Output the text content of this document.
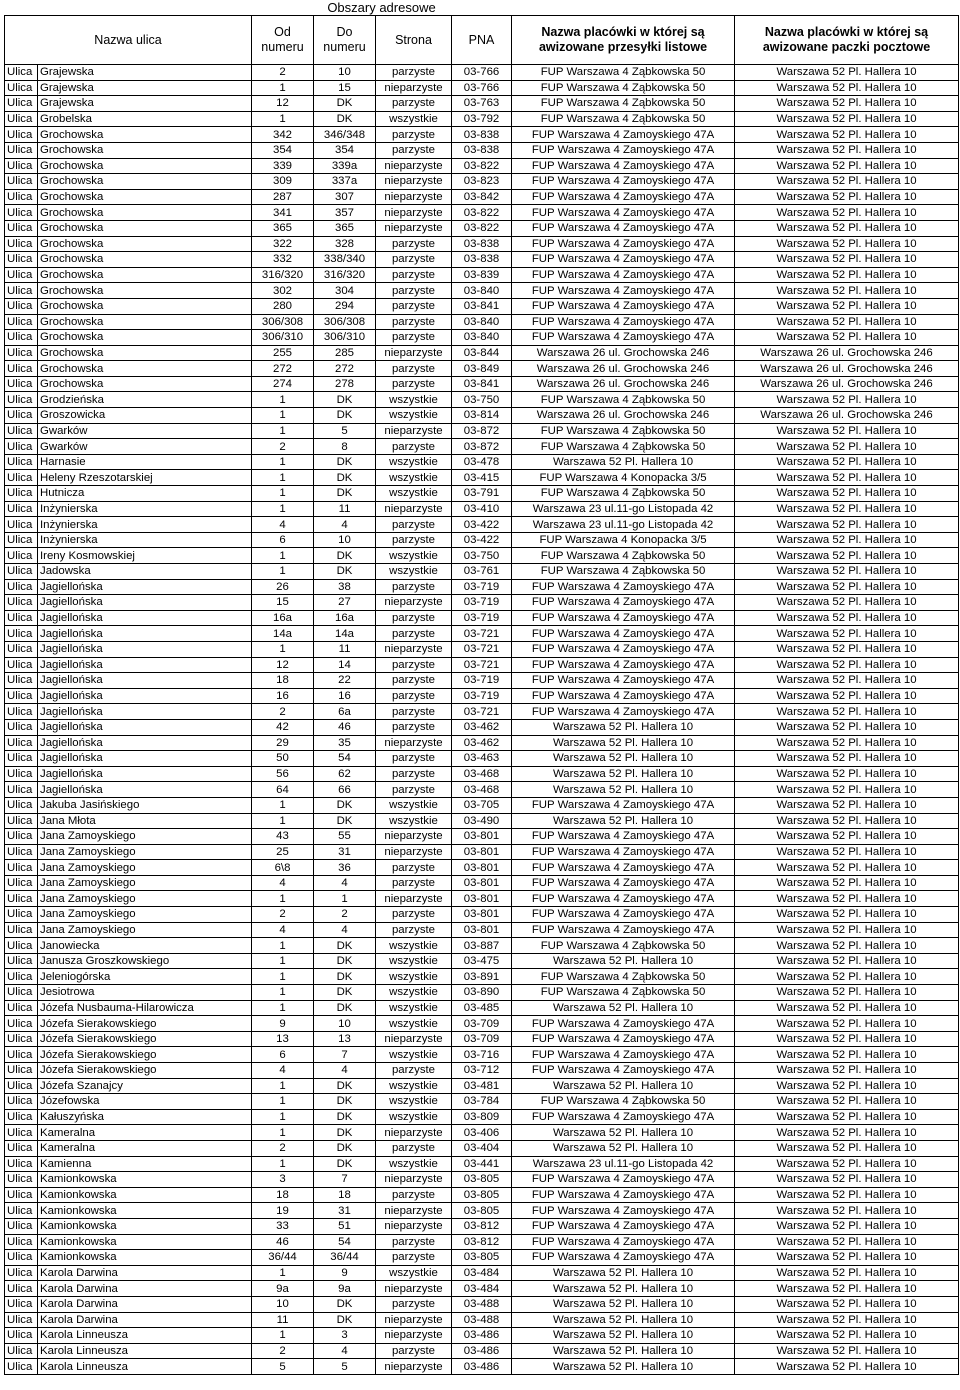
		Obszary adresowe					
Nazwa ulica		Od numeru	Do numeru	Strona	PNA	Nazwa placówki w której są awizowane przesyłki listowe	Nazwa placówki w której są awizowane paczki pocztowe
Ulica	Grajewska	2	10	parzyste	03-766	FUP Warszawa 4 Ząbkowska 50	Warszawa 52 Pl. Hallera 10
Ulica	Grajewska	1	15	nieparzyste	03-766	FUP Warszawa 4 Ząbkowska 50	Warszawa 52 Pl. Hallera 10
Ulica	Grajewska	12	DK	parzyste	03-763	FUP Warszawa 4 Ząbkowska 50	Warszawa 52 Pl. Hallera 10
Ulica	Grobelska	1	DK	wszystkie	03-792	FUP Warszawa 4 Ząbkowska 50	Warszawa 52 Pl. Hallera 10
Ulica	Grochowska	342	346/348	parzyste	03-838	FUP Warszawa 4 Zamoyskiego 47A	Warszawa 52 Pl. Hallera 10
Ulica	Grochowska	354	354	parzyste	03-838	FUP Warszawa 4 Zamoyskiego 47A	Warszawa 52 Pl. Hallera 10
Ulica	Grochowska	339	339a	nieparzyste	03-822	FUP Warszawa 4 Zamoyskiego 47A	Warszawa 52 Pl. Hallera 10
Ulica	Grochowska	309	337a	nieparzyste	03-823	FUP Warszawa 4 Zamoyskiego 47A	Warszawa 52 Pl. Hallera 10
Ulica	Grochowska	287	307	nieparzyste	03-842	FUP Warszawa 4 Zamoyskiego 47A	Warszawa 52 Pl. Hallera 10
Ulica	Grochowska	341	357	nieparzyste	03-822	FUP Warszawa 4 Zamoyskiego 47A	Warszawa 52 Pl. Hallera 10
Ulica	Grochowska	365	365	nieparzyste	03-822	FUP Warszawa 4 Zamoyskiego 47A	Warszawa 52 Pl. Hallera 10
Ulica	Grochowska	322	328	parzyste	03-838	FUP Warszawa 4 Zamoyskiego 47A	Warszawa 52 Pl. Hallera 10
Ulica	Grochowska	332	338/340	parzyste	03-838	FUP Warszawa 4 Zamoyskiego 47A	Warszawa 52 Pl. Hallera 10
Ulica	Grochowska	316/320	316/320	parzyste	03-839	FUP Warszawa 4 Zamoyskiego 47A	Warszawa 52 Pl. Hallera 10
Ulica	Grochowska	302	304	parzyste	03-840	FUP Warszawa 4 Zamoyskiego 47A	Warszawa 52 Pl. Hallera 10
Ulica	Grochowska	280	294	parzyste	03-841	FUP Warszawa 4 Zamoyskiego 47A	Warszawa 52 Pl. Hallera 10
Ulica	Grochowska	306/308	306/308	parzyste	03-840	FUP Warszawa 4 Zamoyskiego 47A	Warszawa 52 Pl. Hallera 10
Ulica	Grochowska	306/310	306/310	parzyste	03-840	FUP Warszawa 4 Zamoyskiego 47A	Warszawa 52 Pl. Hallera 10
Ulica	Grochowska	255	285	nieparzyste	03-844	Warszawa 26 ul. Grochowska 246	Warszawa 26 ul. Grochowska 246
Ulica	Grochowska	272	272	parzyste	03-849	Warszawa 26 ul. Grochowska 246	Warszawa 26 ul. Grochowska 246
Ulica	Grochowska	274	278	parzyste	03-841	Warszawa 26 ul. Grochowska 246	Warszawa 26 ul. Grochowska 246
Ulica	Grodzieńska	1	DK	wszystkie	03-750	FUP Warszawa 4 Ząbkowska 50	Warszawa 52 Pl. Hallera 10
Ulica	Groszowicka	1	DK	wszystkie	03-814	Warszawa 26 ul. Grochowska 246	Warszawa 26 ul. Grochowska 246
Ulica	Gwarków	1	5	nieparzyste	03-872	FUP Warszawa 4 Ząbkowska 50	Warszawa 52 Pl. Hallera 10
Ulica	Gwarków	2	8	parzyste	03-872	FUP Warszawa 4 Ząbkowska 50	Warszawa 52 Pl. Hallera 10
Ulica	Harnasie	1	DK	wszystkie	03-478	Warszawa 52 Pl. Hallera 10	Warszawa 52 Pl. Hallera 10
Ulica	Heleny Rzeszotarskiej	1	DK	wszystkie	03-415	FUP Warszawa 4 Konopacka 3/5	Warszawa 52 Pl. Hallera 10
Ulica	Hutnicza	1	DK	wszystkie	03-791	FUP Warszawa 4 Ząbkowska 50	Warszawa 52 Pl. Hallera 10
Ulica	Inżynierska	1	11	nieparzyste	03-410	Warszawa 23 ul.11-go Listopada 42	Warszawa 52 Pl. Hallera 10
Ulica	Inżynierska	4	4	parzyste	03-422	Warszawa 23 ul.11-go Listopada 42	Warszawa 52 Pl. Hallera 10
Ulica	Inżynierska	6	10	parzyste	03-422	FUP Warszawa 4 Konopacka 3/5	Warszawa 52 Pl. Hallera 10
Ulica	Ireny Kosmowskiej	1	DK	wszystkie	03-750	FUP Warszawa 4 Ząbkowska 50	Warszawa 52 Pl. Hallera 10
Ulica	Jadowska	1	DK	wszystkie	03-761	FUP Warszawa 4 Ząbkowska 50	Warszawa 52 Pl. Hallera 10
Ulica	Jagiellońska	26	38	parzyste	03-719	FUP Warszawa 4 Zamoyskiego 47A	Warszawa 52 Pl. Hallera 10
Ulica	Jagiellońska	15	27	nieparzyste	03-719	FUP Warszawa 4 Zamoyskiego 47A	Warszawa 52 Pl. Hallera 10
Ulica	Jagiellońska	16a	16a	parzyste	03-719	FUP Warszawa 4 Zamoyskiego 47A	Warszawa 52 Pl. Hallera 10
Ulica	Jagiellońska	14a	14a	parzyste	03-721	FUP Warszawa 4 Zamoyskiego 47A	Warszawa 52 Pl. Hallera 10
Ulica	Jagiellońska	1	11	nieparzyste	03-721	FUP Warszawa 4 Zamoyskiego 47A	Warszawa 52 Pl. Hallera 10
Ulica	Jagiellońska	12	14	parzyste	03-721	FUP Warszawa 4 Zamoyskiego 47A	Warszawa 52 Pl. Hallera 10
Ulica	Jagiellońska	18	22	parzyste	03-719	FUP Warszawa 4 Zamoyskiego 47A	Warszawa 52 Pl. Hallera 10
Ulica	Jagiellońska	16	16	parzyste	03-719	FUP Warszawa 4 Zamoyskiego 47A	Warszawa 52 Pl. Hallera 10
Ulica	Jagiellońska	2	6a	parzyste	03-721	FUP Warszawa 4 Zamoyskiego 47A	Warszawa 52 Pl. Hallera 10
Ulica	Jagiellońska	42	46	parzyste	03-462	Warszawa 52 Pl. Hallera 10	Warszawa 52 Pl. Hallera 10
Ulica	Jagiellońska	29	35	nieparzyste	03-462	Warszawa 52 Pl. Hallera 10	Warszawa 52 Pl. Hallera 10
Ulica	Jagiellońska	50	54	parzyste	03-463	Warszawa 52 Pl. Hallera 10	Warszawa 52 Pl. Hallera 10
Ulica	Jagiellońska	56	62	parzyste	03-468	Warszawa 52 Pl. Hallera 10	Warszawa 52 Pl. Hallera 10
Ulica	Jagiellońska	64	66	parzyste	03-468	Warszawa 52 Pl. Hallera 10	Warszawa 52 Pl. Hallera 10
Ulica	Jakuba Jasińskiego	1	DK	wszystkie	03-705	FUP Warszawa 4 Zamoyskiego 47A	Warszawa 52 Pl. Hallera 10
Ulica	Jana Młota	1	DK	wszystkie	03-490	Warszawa 52 Pl. Hallera 10	Warszawa 52 Pl. Hallera 10
Ulica	Jana Zamoyskiego	43	55	nieparzyste	03-801	FUP Warszawa 4 Zamoyskiego 47A	Warszawa 52 Pl. Hallera 10
Ulica	Jana Zamoyskiego	25	31	nieparzyste	03-801	FUP Warszawa 4 Zamoyskiego 47A	Warszawa 52 Pl. Hallera 10
Ulica	Jana Zamoyskiego	6\8	36	parzyste	03-801	FUP Warszawa 4 Zamoyskiego 47A	Warszawa 52 Pl. Hallera 10
Ulica	Jana Zamoyskiego	4	4	parzyste	03-801	FUP Warszawa 4 Zamoyskiego 47A	Warszawa 52 Pl. Hallera 10
Ulica	Jana Zamoyskiego	1	1	nieparzyste	03-801	FUP Warszawa 4 Zamoyskiego 47A	Warszawa 52 Pl. Hallera 10
Ulica	Jana Zamoyskiego	2	2	parzyste	03-801	FUP Warszawa 4 Zamoyskiego 47A	Warszawa 52 Pl. Hallera 10
Ulica	Jana Zamoyskiego	4	4	parzyste	03-801	FUP Warszawa 4 Zamoyskiego 47A	Warszawa 52 Pl. Hallera 10
Ulica	Janowiecka	1	DK	wszystkie	03-887	FUP Warszawa 4 Ząbkowska 50	Warszawa 52 Pl. Hallera 10
Ulica	Janusza Groszkowskiego	1	DK	wszystkie	03-475	Warszawa 52 Pl. Hallera 10	Warszawa 52 Pl. Hallera 10
Ulica	Jeleniogórska	1	DK	wszystkie	03-891	FUP Warszawa 4 Ząbkowska 50	Warszawa 52 Pl. Hallera 10
Ulica	Jesiotrowa	1	DK	wszystkie	03-890	FUP Warszawa 4 Ząbkowska 50	Warszawa 52 Pl. Hallera 10
Ulica	Józefa Nusbauma-Hilarowicza	1	DK	wszystkie	03-485	Warszawa 52 Pl. Hallera 10	Warszawa 52 Pl. Hallera 10
Ulica	Józefa Sierakowskiego	9	10	wszystkie	03-709	FUP Warszawa 4 Zamoyskiego 47A	Warszawa 52 Pl. Hallera 10
Ulica	Józefa Sierakowskiego	13	13	nieparzyste	03-709	FUP Warszawa 4 Zamoyskiego 47A	Warszawa 52 Pl. Hallera 10
Ulica	Józefa Sierakowskiego	6	7	wszystkie	03-716	FUP Warszawa 4 Zamoyskiego 47A	Warszawa 52 Pl. Hallera 10
Ulica	Józefa Sierakowskiego	4	4	parzyste	03-712	FUP Warszawa 4 Zamoyskiego 47A	Warszawa 52 Pl. Hallera 10
Ulica	Józefa Szanajcy	1	DK	wszystkie	03-481	Warszawa 52 Pl. Hallera 10	Warszawa 52 Pl. Hallera 10
Ulica	Józefowska	1	DK	wszystkie	03-784	FUP Warszawa 4 Ząbkowska 50	Warszawa 52 Pl. Hallera 10
Ulica	Kałuszyńska	1	DK	wszystkie	03-809	FUP Warszawa 4 Zamoyskiego 47A	Warszawa 52 Pl. Hallera 10
Ulica	Kameralna	1	DK	nieparzyste	03-406	Warszawa 52 Pl. Hallera 10	Warszawa 52 Pl. Hallera 10
Ulica	Kameralna	2	DK	parzyste	03-404	Warszawa 52 Pl. Hallera 10	Warszawa 52 Pl. Hallera 10
Ulica	Kamienna	1	DK	wszystkie	03-441	Warszawa 23 ul.11-go Listopada 42	Warszawa 52 Pl. Hallera 10
Ulica	Kamionkowska	3	7	nieparzyste	03-805	FUP Warszawa 4 Zamoyskiego 47A	Warszawa 52 Pl. Hallera 10
Ulica	Kamionkowska	18	18	parzyste	03-805	FUP Warszawa 4 Zamoyskiego 47A	Warszawa 52 Pl. Hallera 10
Ulica	Kamionkowska	19	31	nieparzyste	03-805	FUP Warszawa 4 Zamoyskiego 47A	Warszawa 52 Pl. Hallera 10
Ulica	Kamionkowska	33	51	nieparzyste	03-812	FUP Warszawa 4 Zamoyskiego 47A	Warszawa 52 Pl. Hallera 10
Ulica	Kamionkowska	46	54	parzyste	03-812	FUP Warszawa 4 Zamoyskiego 47A	Warszawa 52 Pl. Hallera 10
Ulica	Kamionkowska	36/44	36/44	parzyste	03-805	FUP Warszawa 4 Zamoyskiego 47A	Warszawa 52 Pl. Hallera 10
Ulica	Karola Darwina	1	9	wszystkie	03-484	Warszawa 52 Pl. Hallera 10	Warszawa 52 Pl. Hallera 10
Ulica	Karola Darwina	9a	9a	nieparzyste	03-484	Warszawa 52 Pl. Hallera 10	Warszawa 52 Pl. Hallera 10
Ulica	Karola Darwina	10	DK	parzyste	03-488	Warszawa 52 Pl. Hallera 10	Warszawa 52 Pl. Hallera 10
Ulica	Karola Darwina	11	DK	nieparzyste	03-488	Warszawa 52 Pl. Hallera 10	Warszawa 52 Pl. Hallera 10
Ulica	Karola Linneusza	1	3	nieparzyste	03-486	Warszawa 52 Pl. Hallera 10	Warszawa 52 Pl. Hallera 10
Ulica	Karola Linneusza	2	4	parzyste	03-486	Warszawa 52 Pl. Hallera 10	Warszawa 52 Pl. Hallera 10
Ulica	Karola Linneusza	5	5	nieparzyste	03-486	Warszawa 52 Pl. Hallera 10	Warszawa 52 Pl. Hallera 10
